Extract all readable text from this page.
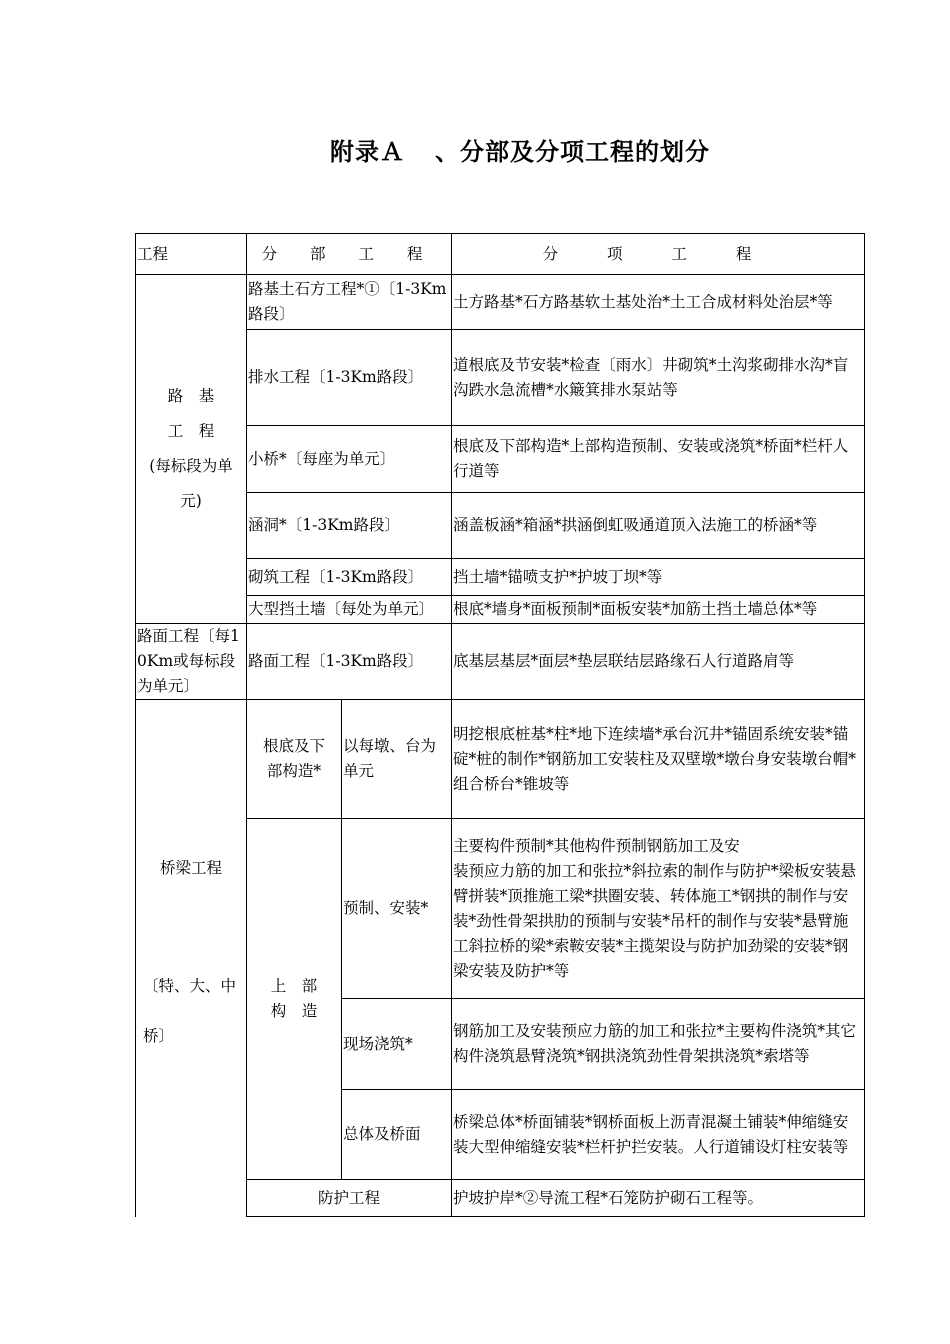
附录Ａ 、分部及分项工程的划分
工程	分 部 工 程		分 项 工 程

路　基
工　程
(每标段为单
元)	路基土石方工程*①〔1-3Km路段〕		土方路基*石方路基软土基处治*土工合成材料处治层*等
	排水工程〔1-3Km路段〕		道根底及节安装*检查〔雨水〕井砌筑*土沟浆砌排水沟*盲沟跌水急流槽*水簸箕排水泵站等
	小桥*〔每座为单元〕		根底及下部构造*上部构造预制、安装或浇筑*桥面*栏杆人行道等
	涵洞*〔1-3Km路段〕		涵盖板涵*箱涵*拱涵倒虹吸通道顶入法施工的桥涵*等
	砌筑工程〔1-3Km路段〕		挡土墙*锚喷支护*护坡丁坝*等
	大型挡土墙〔每处为单元〕		根底*墙身*面板预制*面板安装*加筋土挡土墙总体*等
路面工程〔每10Km或每标段为单元〕	路面工程〔1-3Km路段〕		底基层基层*面层*垫层联结层路缘石人行道路肩等

桥梁工程
〔特、大、中桥〕	根底及下部构造*	以每墩、台为单元	明挖根底桩基*柱*地下连续墙*承台沉井*锚固系统安装*锚碇*桩的制作*钢筋加工安装柱及双壁墩*墩台身安装墩台帽*组合桥台*锥坡等
	上　部　构　造	预制、安装*	主要构件预制*其他构件预制钢筋加工及安
装预应力筋的加工和张拉*斜拉索的制作与防护*梁板安装悬臂拼装*顶推施工梁*拱圈安装、转体施工*钢拱的制作与安装*劲性骨架拱肋的预制与安装*吊杆的制作与安装*悬臂施工斜拉桥的梁*索鞍安装*主揽架设与防护加劲梁的安装*钢梁安装及防护*等

		现场浇筑*	钢筋加工及安装预应力筋的加工和张拉*主要构件浇筑*其它构件浇筑悬臂浇筑*钢拱浇筑劲性骨架拱浇筑*索塔等
		总体及桥面	桥梁总体*桥面铺装*钢桥面板上沥青混凝土铺装*伸缩缝安装大型伸缩缝安装*栏杆护拦安装。人行道铺设灯柱安装等
	防护工程		护坡护岸*②导流工程*石笼防护砌石工程等。
